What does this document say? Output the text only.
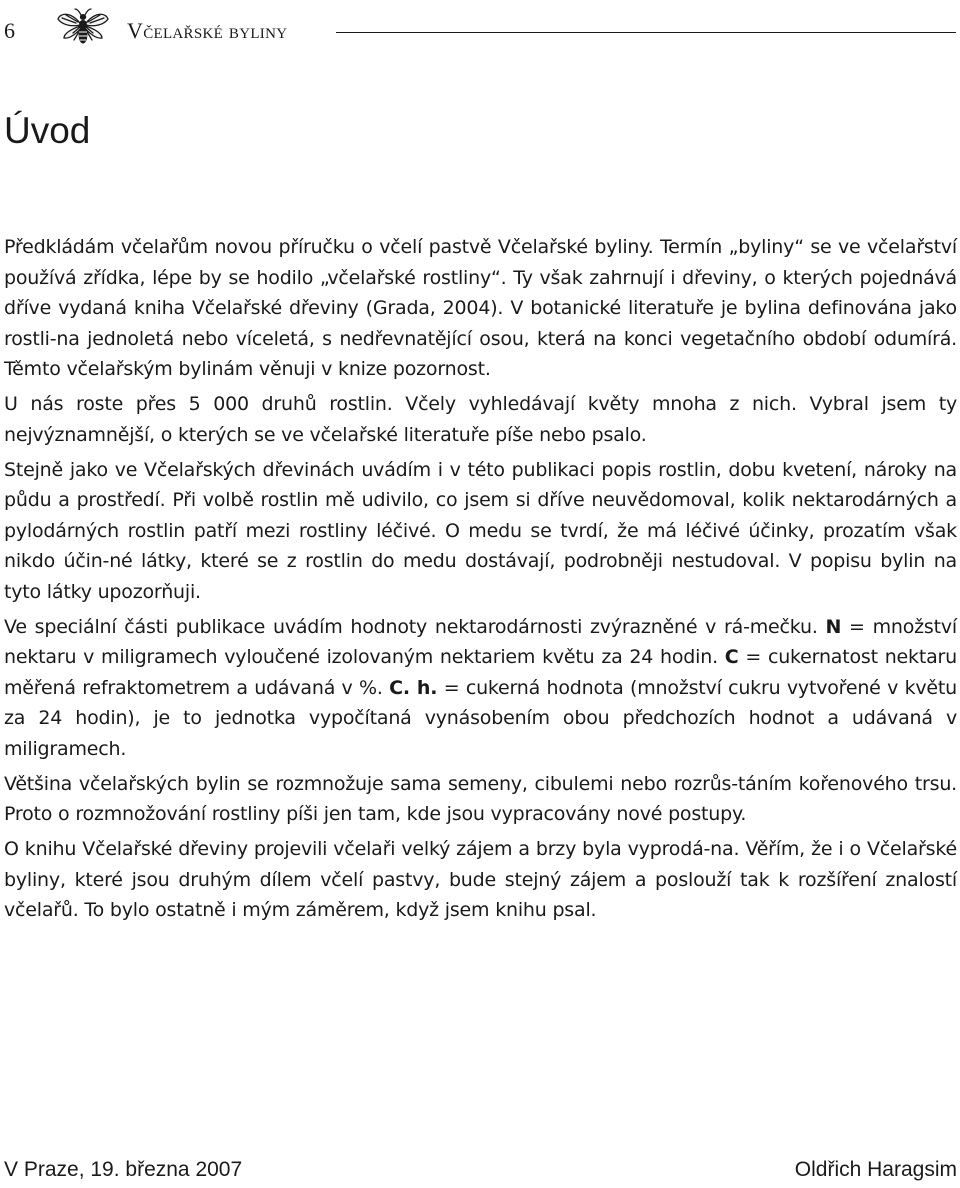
6	Včelařské byliny
Úvod

Předkládám včelařům novou příručku o včelí pastvě Včelařské byliny. Termín „byliny“ se ve včelařství používá zřídka, lépe by se hodilo „včelařské rostliny“. Ty však zahrnují i dřeviny, o kterých pojednává dříve vydaná kniha Včelařské dřeviny (Grada, 2004). V botanické literatuře je bylina definována jako rostli-na jednoletá nebo víceletá, s nedřevnatějící osou, která na konci vegetačního období odumírá. Těmto včelařským bylinám věnuji v knize pozornost.

U nás roste přes 5 000 druhů rostlin. Včely vyhledávají květy mnoha z nich. Vybral jsem ty nejvýznamnější, o kterých se ve včelařské literatuře píše nebo psalo.

Stejně jako ve Včelařských dřevinách uvádím i v této publikaci popis rostlin, dobu kvetení, nároky na půdu a prostředí. Při volbě rostlin mě udivilo, co jsem si dříve neuvědomoval, kolik nektarodárných a pylodárných rostlin patří mezi rostliny léčivé. O medu se tvrdí, že má léčivé účinky, prozatím však nikdo účin-né látky, které se z rostlin do medu dostávají, podrobněji nestudoval. V popisu bylin na tyto látky upozorňuji.

Ve speciální části publikace uvádím hodnoty nektarodárnosti zvýrazněné v rá-mečku. N = množství nektaru v miligramech vyloučené izolovaným nektariem květu za 24 hodin. C = cukernatost nektaru měřená refraktometrem a udávaná v %. C. h. = cukerná hodnota (množství cukru vytvořené v květu za 24 hodin), je to jednotka vypočítaná vynásobením obou předchozích hodnot a udávaná v miligramech.

Většina včelařských bylin se rozmnožuje sama semeny, cibulemi nebo rozrůs-táním kořenového trsu. Proto o rozmnožování rostliny píši jen tam, kde jsou vypracovány nové postupy.

O knihu Včelařské dřeviny projevili včelaři velký zájem a brzy byla vyprodá-na. Věřím, že i o Včelařské byliny, které jsou druhým dílem včelí pastvy, bude stejný zájem a poslouží tak k rozšíření znalostí včelařů. To bylo ostatně i mým záměrem, když jsem knihu psal.

V Praze, 19. března 2007	Oldřich Haragsim
